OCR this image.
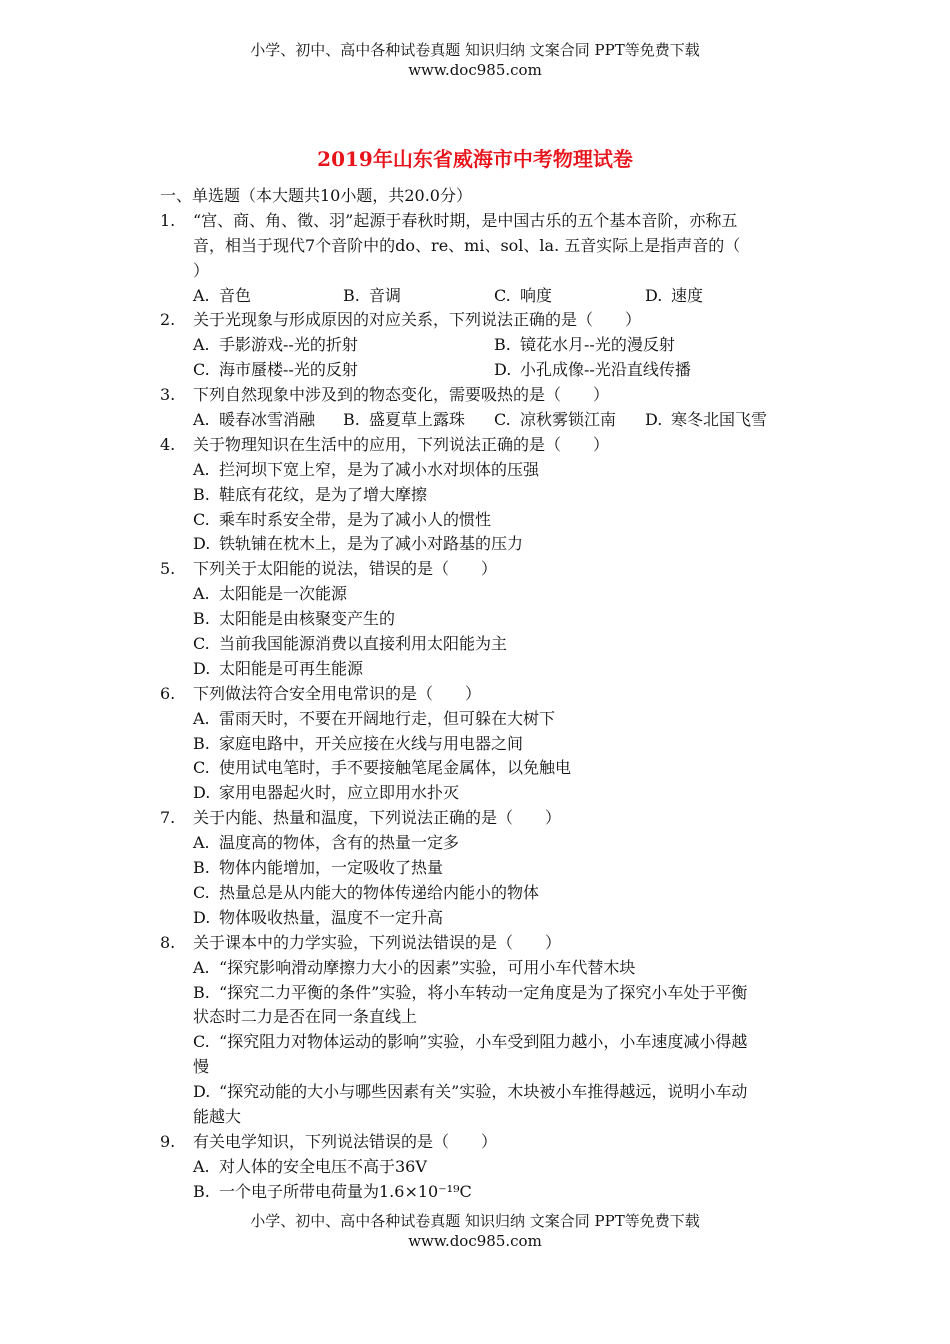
小学、初中、高中各种试卷真题 知识归纳 文案合同 PPT等免费下载
www.doc985.com
2019年山东省威海市中考物理试卷
一、单选题（本大题共10小题，共20.0分）
1. “宫、商、角、徵、羽”起源于春秋时期，是中国古乐的五个基本音阶，亦称五
音，相当于现代7个音阶中的do、re、mi、sol、la. 五音实际上是指声音的（
）
A. 音色	B. 音调	C. 响度	D. 速度
2. 关于光现象与形成原因的对应关系，下列说法正确的是（　　）
A. 手影游戏--光的折射	B. 镜花水月--光的漫反射
C. 海市蜃楼--光的反射	D. 小孔成像--光沿直线传播
3. 下列自然现象中涉及到的物态变化，需要吸热的是（　　）
A. 暖春冰雪消融 B. 盛夏草上露珠 C. 凉秋雾锁江南 D. 寒冬北国飞雪
4. 关于物理知识在生活中的应用，下列说法正确的是（　　）
A. 拦河坝下宽上窄，是为了减小水对坝体的压强
B. 鞋底有花纹，是为了增大摩擦
C. 乘车时系安全带，是为了减小人的惯性
D. 铁轨铺在枕木上，是为了减小对路基的压力
5. 下列关于太阳能的说法，错误的是（　　）
A. 太阳能是一次能源
B. 太阳能是由核聚变产生的
C. 当前我国能源消费以直接利用太阳能为主
D. 太阳能是可再生能源
6. 下列做法符合安全用电常识的是（　　）
A. 雷雨天时，不要在开阔地行走，但可躲在大树下
B. 家庭电路中，开关应接在火线与用电器之间
C. 使用试电笔时，手不要接触笔尾金属体，以免触电
D. 家用电器起火时，应立即用水扑灭
7. 关于内能、热量和温度，下列说法正确的是（　　）
A. 温度高的物体，含有的热量一定多
B. 物体内能增加，一定吸收了热量
C. 热量总是从内能大的物体传递给内能小的物体
D. 物体吸收热量，温度不一定升高
8. 关于课本中的力学实验，下列说法错误的是（　　）
A. “探究影响滑动摩擦力大小的因素”实验，可用小车代替木块
B. “探究二力平衡的条件”实验，将小车转动一定角度是为了探究小车处于平衡
状态时二力是否在同一条直线上
C. “探究阻力对物体运动的影响”实验，小车受到阻力越小，小车速度减小得越
慢
D. “探究动能的大小与哪些因素有关”实验，木块被小车推得越远，说明小车动
能越大
9. 有关电学知识，下列说法错误的是（　　）
A. 对人体的安全电压不高于36V
B. 一个电子所带电荷量为1.6×10⁻¹⁹C
小学、初中、高中各种试卷真题 知识归纳 文案合同 PPT等免费下载
www.doc985.com
